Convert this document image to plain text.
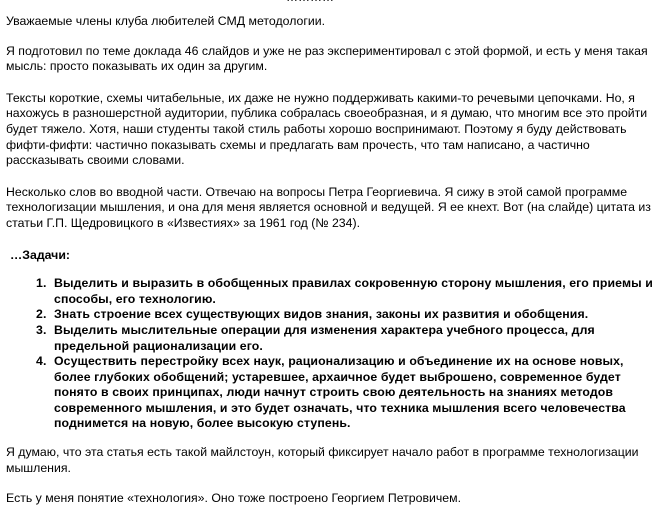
Уважаемые члены клуба любителей СМД методологии.

Я подготовил по теме доклада 46 слайдов и уже не раз экспериментировал с этой формой, и есть у меня такая мысль: просто показывать их один за другим.

Тексты короткие, схемы читабельные, их даже не нужно поддерживать какими-то речевыми цепочками. Но, я нахожусь в разношерстной аудитории, публика собралась своеобразная, и я думаю, что многим все это пройти будет тяжело. Хотя, наши студенты такой стиль работы хорошо воспринимают. Поэтому я буду действовать фифти-фифти: частично показывать схемы и предлагать вам прочесть, что там написано, а частично рассказывать своими словами.

Несколько слов во вводной части. Отвечаю на вопросы Петра Георгиевича. Я сижу в этой самой программе технологизации мышления, и она для меня является основной и ведущей. Я ее кнехт. Вот (на слайде) цитата из статьи Г.П. Щедровицкого в «Известиях» за 1961 год (№ 234).

…Задачи:

1. Выделить и выразить в обобщенных правилах сокровенную сторону мышления, его приемы и способы, его технологию.
2. Знать строение всех существующих видов знания, законы их развития и обобщения.
3. Выделить мыслительные операции для изменения характера учебного процесса, для предельной рационализации его.
4. Осуществить перестройку всех наук, рационализацию и объединение их на основе новых, более глубоких обобщений; устаревшее, архаичное будет выброшено, современное будет понято в своих принципах, люди начнут строить свою деятельность на знаниях методов современного мышления, и это будет означать, что техника мышления всего человечества поднимется на новую, более высокую ступень.

Я думаю, что эта статья есть такой майлстоун, который фиксирует начало работ в программе технологизации мышления.

Есть у меня понятие «технология». Оно тоже построено Георгием Петровичем.
